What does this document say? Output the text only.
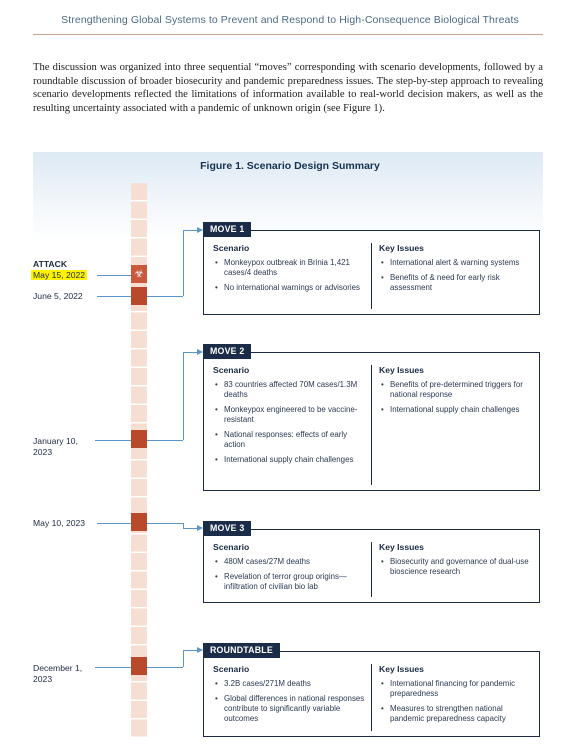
Strengthening Global Systems to Prevent and Respond to High-Consequence Biological Threats

The discussion was organized into three sequential “moves” corresponding with scenario developments, followed by a roundtable discussion of broader biosecurity and pandemic preparedness issues. The step-by-step approach to revealing scenario developments reflected the limitations of information available to real-world decision makers, as well as the resulting uncertainty associated with a pandemic of unknown origin (see Figure 1).

Figure 1. Scenario Design Summary
☣
ATTACK
May 15, 2022
June 5, 2022
January 10, 2023
May 10, 2023
December 1, 2023
MOVE 1
Scenario	Key Issues
• Monkeypox outbreak in Brinia 1,421 cases/4 deaths
• No international warnings or advisories
• International alert & warning systems
• Benefits of & need for early risk assessment
MOVE 2
Scenario	Key Issues
• 83 countries affected 70M cases/1.3M deaths
• Monkeypox engineered to be vaccine-resistant
• National responses: effects of early action
• International supply chain challenges
• Benefits of pre-determined triggers for national response
• International supply chain challenges
MOVE 3
Scenario	Key Issues
• 480M cases/27M deaths
• Revelation of terror group origins—infiltration of civilian bio lab
• Biosecurity and governance of dual-use bioscience research
ROUNDTABLE
Scenario	Key Issues
• 3.2B cases/271M deaths
• Global differences in national responses contribute to significantly variable outcomes
• International financing for pandemic preparedness
• Measures to strengthen national pandemic preparedness capacity
